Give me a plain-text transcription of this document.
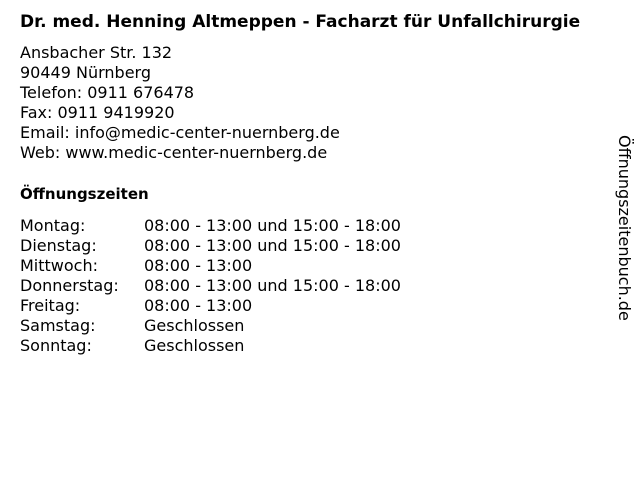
Dr. med. Henning Altmeppen - Facharzt für Unfallchirurgie
Ansbacher Str. 132
90449 Nürnberg
Telefon: 0911 676478
Fax: 0911 9419920
Email: info@medic-center-nuernberg.de
Web: www.medic-center-nuernberg.de
Öffnungszeiten
Montag:	08:00 - 13:00 und 15:00 - 18:00
Dienstag:	08:00 - 13:00 und 15:00 - 18:00
Mittwoch:	08:00 - 13:00
Donnerstag:	08:00 - 13:00 und 15:00 - 18:00
Freitag:	08:00 - 13:00
Samstag:	Geschlossen
Sonntag:	Geschlossen
Öffnungszeitenbuch.de
